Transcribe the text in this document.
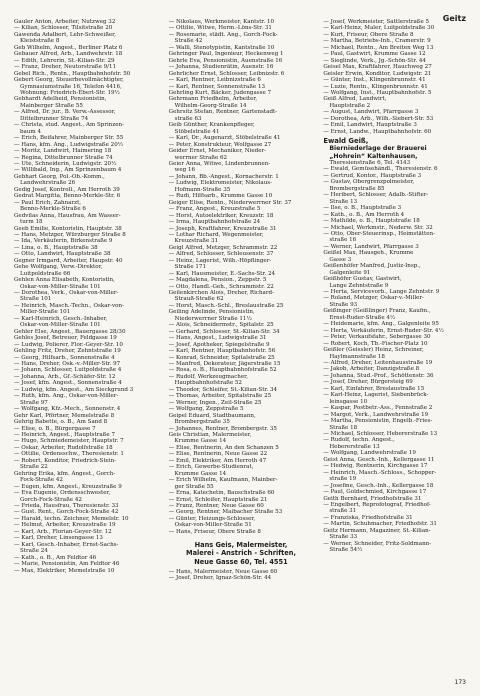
Geitz
Gauler Anton, Arbeiter, Nutzweg 32
— Kilian, Schlosser, Tilsitstraße 20
Gawenda Adalbert, Lehr-Schweißer,
Kleiststraße 8
Geb Wilhelm, Angest., Berliner Platz 6
Gebauer Alfred, Arb., Landwehrstr. 18
— Edith, Lehrerin, St.-Kilian-Str. 29
— Franz, Dreher, Neutorstraße 9/11
Gebel Rich., Rentn., Hauptbahnhofstr. 50
Gebert Georg, Steuerbevollmächtigter,
Gymnasiumstraße 16, Telefon 4416,
Wohnung: Friedrich-Ebert-Str. 19½
Gebhardt Adelheid, Pensionistin,
Mainberger Straße 55
— Alfred, Dr. jur., B. Verw.-Assessor,
Dittelbrunner Straße 74
— Christa, stud. Angest., Am Sprinzen-
baum 4
— Erich, Beifahrer, Mainberger Str. 55
— Hans, kfm. Ang., Ludwigstraße 20½
— Moritz, Landwirt, Haimering 18
— Regina, Dittelbrunner Straße 74
— Ute, Schneiderin, Ludwigstr. 20½
— Willibald, Ing., Am Sprinzenbaum 4
Gebhart Georg, Pol.-Ob.-Komm.,
Landwehrstraße 26
Gedig Josef, Kontroll., Am Herroth 39
Gedrat Margitta, Benno-Merkle-Str. 6
— Paul Erich, Zahnarzt,
Benno-Merkle-Straße 6
Gedvilas Anna, Hausfrau, Am Wasser-
turm 18
Geeb Emilie, Kontoristin, Hauptstr. 38
— Hans, Metzger, Würzburger Straße 8
— Ida, Verkäuferin, Birkenstraße 9
— Lina, o. B., Hauptstraße 38
— Otto, Landwirt, Hauptstraße 38
Gegner Irmgard, Arbeiter, Haupstr. 40
Gehe Wolfgang, Verw.-Direktor,
Luitpoldstraße 66
Gehlen Anna Elisabeth, Kontoristin,
Oskar-von-Miller-Straße 101
— Dorothea, Verk., Oskar-von-Miller-
Straße 101
— Heinrich, Masch.-Techn., Oskar-von-
Miller-Straße 101
— Karl-Heinrich, Gesch.-Inhaber,
Oskar-von-Miller-Straße 101
Gehler Else, Angest., Bauergasse 28/30
Gehles Josef, Betreuer, Feldgasse 19
— Ludwig, Polierer, Flor.-Geyer-Str. 10
Gehling Fritz, Dreher, Zehntstraße 19
— Georg, Hilfsarb., Sonnenstraße 4
— Hans, Dreher, Osk.-v.-Miller-Str. 97
— Johann, Schlosser, Luitpoldstraße 4
— Johanna, Arb., Gf.-Schäfer-Str. 12
— Josef, kfm. Angest., Sonnenstraße 4
— Ludwig, kfm. Angest., Am Sieckgrund 3
— Ruth, kfm. Ang., Oskar-von-Miller-
Straße 97
— Wolfgang, Kfz.-Mech., Sonnenstr. 4
Gehr Karl, Pförtner, Memelstraße 8
Gehrig Babette, o. B., Am Sand 8
— Elise, o. B., Bürgergasse 7
— Heinrich, Angest., Hauptstraße 7
— Hugo, Schmiedemeister, Hauptstr. 7
— Oskar, Arbeiter, Rudolfstraße 18
— Ottilie, Ordensschw., Theresienstr. 1
— Robert, Konditor, Friedrich-Stein-
Straße 22
Gehring Erika, kfm. Angest., Gorch-
Fock-Straße 42
— Eugen, kfm. Angest., Kreuzstraße 9
— Eva Eugenie, Ordensschwester,
Gorch-Fock-Straße 42
— Frieda, Hausfrau, Theresienstr. 33
— Gust. Rent., Gorch-Fock-Straße 42
— Harald, techn. Zeichner, Memelstr. 10
— Helmut, Arbeiter, Kreuzstraße 19
— Karl, Arb., Florian-Geyer-Str. 12
— Karl, Dreher, Linsengasse 13
— Karl, Gesch.-Inhaber, Ernst-Sachs-
Straße 24
— Kath., o. B., Am Feldtor 46
— Marie, Pensionistin, Am Feldtor 46
— Max, Elektriker, Memelstraße 10
— Nikolaus, Werkmeister, Kantstr. 10
— Ottilie, Witwe, Herm.-Löns-Str. 31
— Rosemarie, städt. Ang., Gorch-Fock-
Straße 42
— Walli, Stenotypistin, Kantstraße 10
Gehringer Paul, Ingenieur, Heckenweg 1
Gehrle Eva, Pensionistin, Auenstraße 16
— Johanna, Studienrätin, Auenstr. 16
Gehrlicher Ernst, Schlosser, Leibnizstr. 6
— Karl, Rentner, Leibnizstraße 6
— Karl, Rentner, Sonnenstraße 13
Gehrling Kurt, Bäcker, Judengasse 7
Gehrmann Friedhelm, Arbeiter,
Wilhelm-Georg-Straße 14
Gehrsitz Stefan, Rentner, Gartenstadt-
straße 63
Geib Günther, Krankenpfleger,
Stöbelstraße 41
— Karl, Dr., Augenarzt, Stöbelstraße 41
— Peter, Konstrukteur, Wolfgasse 27
Geider Ernst, Mechaniker, Nieder-
werrner Straße 62
Geier Anna, Witwe, Lindenbrunnen-
weg 16
— Johann, Bb.-Angest., Kornacherstr. 1
— Ludwig, Elektromeister, Nikolaus-
Hofmann-Straße 35
— Rudi, Hilfsarb., Krumme Gasse 10
Geiger Elise, Rentn., Niederwerrner Str. 37
— Franz, Angest., Kreuzstraße 5
— Horst, Autoelektriker, Kreuzstr. 18
— Irma, Hauptbahnhofstraße 24
— Joseph, Kraftfahrer, Kreuzstraße 31
— Lothar Richard, Wegenmeister,
Kreuzstraße 31
Geigl Alfred, Metzger, Schrammstr. 22
— Alfred, Schlosser, Schleusenstr. 37
— Heinz, Lagerist, Wilh.-Höpflinger-
Straße 171
— Karl, Hausmeister, E.-Sachs-Str. 24
— Magdalena, Pension., Zeppstr. 5
— Otto, Handl.-Geh., Schrammstr. 22
Geilenkirchen Alois, Dreher, Richard-
Strauß-Straße 62
— Horst, Masch.-Schl., Breslaustraße 25
Geiling Adelinde, Pensionistin,
Niederwerrner Straße 11½
— Alois, Schneidermstr., Spitalstr. 25
— Gerhard, Schlosser, St.-Kilian-Str. 34
— Hans, Angest., Ludwigstraße 31
— Josef, Apotheker, Spiegelstraße 9
— Karl, Rentner, Hauptbahnhofstr. 56
— Konrad, Schneider, Spitalstraße 25
— Manfred, Dekorateur, Jägerstraße 15
— Rosa, o. B., Hauptbahnhofstraße 52
— Rudolf, Werkzeugmacher,
Hauptbahnhofstraße 52
— Theodor, Schleifer, St.-Kilian-Str. 34
— Thomas, Arbeiter, Spitalstraße 25
— Werner, Ingen., Zeil-Straße 25
— Wolfgang, Zeppstraße 5
Geipel Eduard, Stadtbaumann,
Brombergstraße 35
— Johannes, Rentner, Brombergstr. 35
Geis Christian, Malermeister,
Krumme Gasse 14
— Elise, Rentnerin, An den Schanzen 5
— Elise, Rentnerin, Neue Gasse 22
— Emil, Elektriker, Am Herroth 47
— Erich, Gewerbe-Studienrat,
Krumme Gasse 14
— Erich Wilhelm, Kaufmann, Mainber-
ger Straße 55
— Erna, Katechetin, Bauschstraße 60
— Ernst, Schleifer, Hauptstraße 21
— Franz, Rentner, Neue Gasse 60
— Georg, Rentner, Maibacher Straße 53
— Günter, Heizungs-Schlosser,
Oskar-von-Miller-Straße 51
— Hans, Friseur, Obere Straße 8
Hans Geis, Malermeister,
Malerei - Anstrich - Schriften,
Neue Gasse 60, Tel. 4551
— Hans, Malermeister, Neue Gasse 60
— Josef, Dreher, Ignaz-Schön-Str. 44
— Josef, Werkmeister, Sattlerstraße 5
— Karl-Heinz, Maler, Luitpoldstraße 30
— Kurt, Friseur, Obere Straße 8
— Martha, Betriebs-Inh., Cramerstr. 9
— Michael, Rentn., Am Breiten Weg 13
— Paul, Gastwirt, Krumme Gasse 12
— Sieglinde, Verk., Jg.-Schön-Str. 44
Geisel Max, Kraftfahrer, Hauchweg 27
Geisler Erwin, Konditor, Ludwigstr. 21
— Günter, Inst., Klingenbrunnstr. 41
— Luzie, Rentn., Klingenbrunnstr. 41
— Wolfgang, Inst., Hauptbahnhofstr. 5
Geiß Alfred, Landwirt,
Hauptstraße 2
— August, Landwirt, Pfarrgasse 3
— Dorothea, Arb., Wilh.-Siebert-Str. 53
— Emil, Landwirt, Hauptstraße 3
— Ernst, Landw., Hauptbahnhofstr. 60
Ewald Geiß,
Bierniederlage der Brauerei
„Hohrein“ Kaltenhausen,
Theresienstraße 6, Tel. 4143
— Ewald, Gemüsehändl., Theresienstr. 6
— Gertrud, Kontor., Hauptstraße 3
— Gustav, Obergrenzpolmeister,
Brombergstraße 85
— Heribert, Schlosser, Adalb.-Stifter-
Straße 13
— Ilse, o. B., Hauptstraße 3
— Kath., o. B., Am Herroth 4
— Mathilde, o. B., Hauptstraße 18
— Michael, Werkmstr., Nederw. Str. 32
— Otto, Ober-Steuerinsp., Heimstätten-
straße 16
— Werner, Landwirt, Pfarrgasse 3
Geißel Max, Hausgeh., Krumme
Gasse 3
Geißenhöfer Manfred, Justiz-Insp.,
Galgenleite 91
Geißhöfer Gustav, Gastwirt,
Lange Zehntstraße 9
— Herta, Servicevorb., Lange Zehntstr. 9
— Roland, Metzger, Oskar-v.-Miller-
Straße 93
Geißinger (Geißlinger) Franz, Kaufm.,
Ernst-Ruder-Straße 4½
— Heidemarie, kfm. Ang., Galgenleite 95
— Herta, Verkäuferin, Ernst-Ruder-Str. 4½
— Peter, Verkaufsfahr., Sebergasse 30
— Robert, Koch, Tb.-Fischer-Platz 10
Geißler (Geissler) Heinz, Schreiner,
Haylmannstraße 18
— Alfred, Dreher, Leitenhausstraße 19
— Jakob, Arbeiter, Danzigstraße 8
— Johanna, Stud.-Prof., Schöttenstr. 36
— Josef, Dreher, Bürgersteig 69
— Karl, Einfahrer, Breslaustraße 15
— Karl-Heinz, Lagerist, Siebenbrück-
leinsgasse 10
— Kaspar, Postbetr.-Ass., Fennstraße 2
— Margot, Verk., Landwehrstraße 19
— Martha, Pensionistin, Engelb.-Fries-
Straße 18
— Michael, Schlosser, Hebererstraße 13
— Rudolf, techn. Angest.,
Hebererstraße 13
— Wolfgang, Landwehrstraße 19
Geist Anna, Gesch.-Inh., Kellergasse 11
— Hedwig, Rentnerin, Kirchgasse 17
— Heinrich, Masch.-Schloss., Schopper-
straße 19
— Josefine, Gesch.-Inh., Kellergasse 18
— Paul, Goldschmied, Kirchgasse 17
Geith Bernhard, Friedhofstraße 31
— Engelbert, Reprofotograf, Friedhof-
straße 31
— Franziska, Friedhofstraße 31
— Martin, Schuhmacher, Friedhofstr. 31
Geitz Hermann, Magaziner, St.-Kilian-
Straße 33
— Werner, Schneider, Fritz-Soldmann-
Straße 54½
173
